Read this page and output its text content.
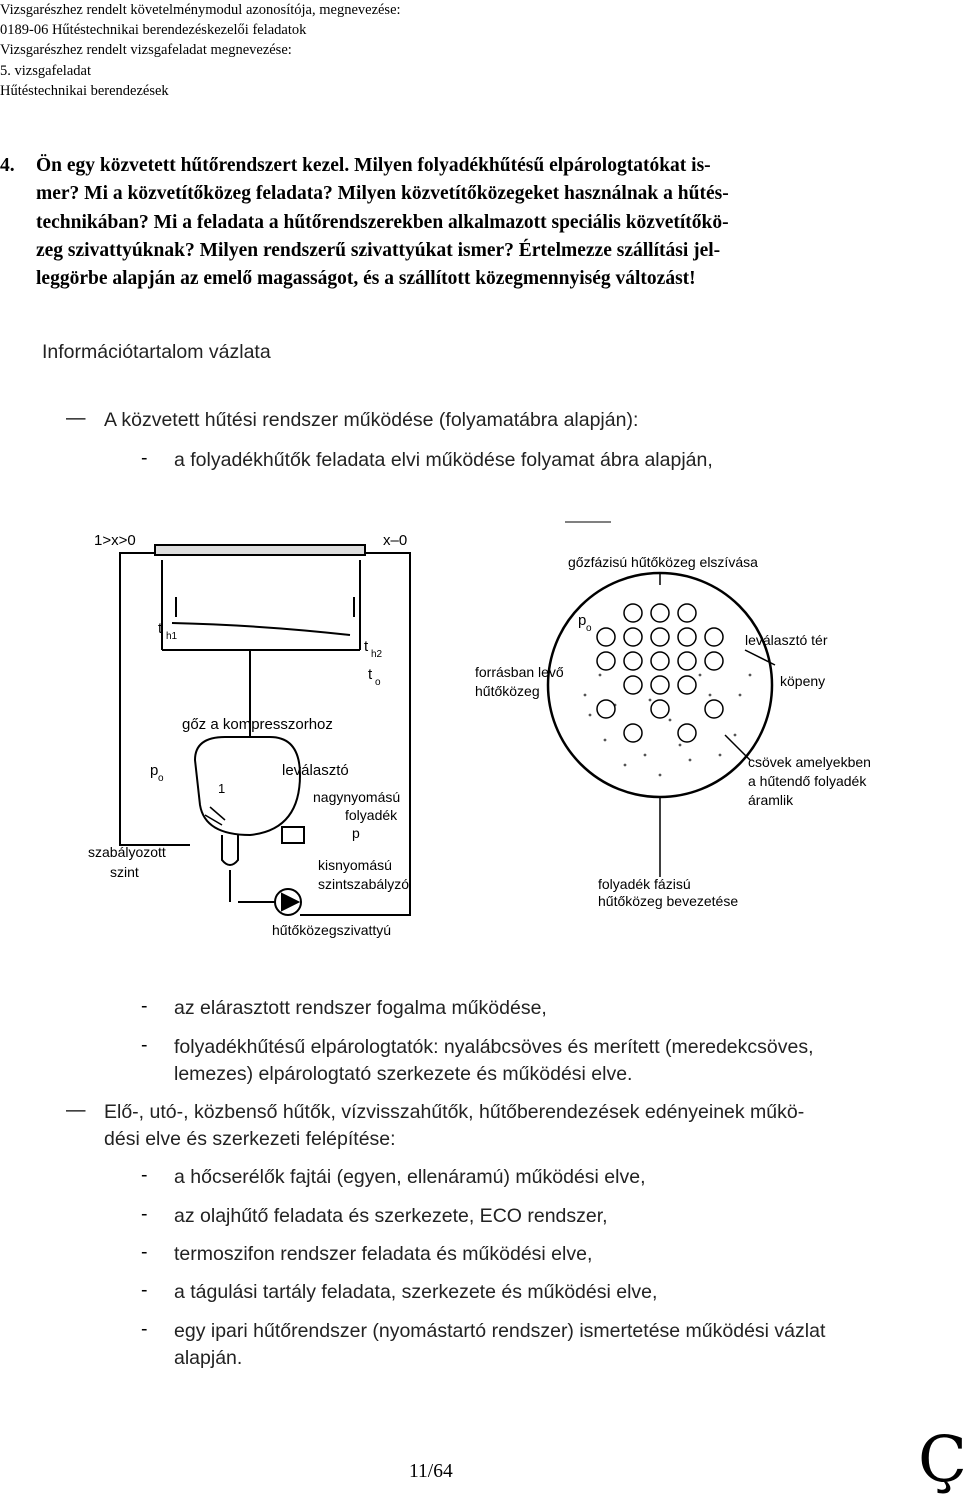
Vizsgarészhez rendelt követelménymodul azonosítója, megnevezése:
0189-06 Hűtéstechnikai berendezéskezelői feladatok
Vizsgarészhez rendelt vizsgafeladat megnevezése:
5. vizsgafeladat
Hűtéstechnikai berendezések
4. Ön egy közvetett hűtőrendszert kezel. Milyen folyadékhűtésű elpárologtatókat is-
mer? Mi a közvetítőközeg feladata? Milyen közvetítőközegeket használnak a hűtés-
technikában? Mi a feladata a hűtőrendszerekben alkalmazott speciális közvetítőkö-
zeg szivattyúknak? Milyen rendszerű szivattyúkat ismer? Értelmezze szállítási jel-
leggörbe alapján az emelő magasságot, és a szállított közegmennyiség változást!
Információtartalom vázlata
— A közvetett hűtési rendszer működése (folyamatábra alapján):
- a folyadékhűtők feladata elvi működése folyamat ábra alapján,
1>x>0	x–0
t h1
t h2
t o
gőz a kompresszorhoz
p o	leválasztó
1
nagynyomású
folyadék
p
szabályozott
szint	kisnyomású
szintszabályzó
hűtőközegszivattyú
gőzfázisú hűtőközeg elszívása
p o
leválasztó tér
forrásban levő
hűtőközeg
köpeny
csövek amelyekben
a hűtendő folyadék
áramlik
folyadék fázisú
hűtőközeg bevezetése
- az elárasztott rendszer fogalma működése,
- folyadékhűtésű elpárologtatók: nyalábcsöves és merített (meredekcsöves,
lemezes) elpárologtató szerkezete és működési elve.
— Elő-, utó-, közbenső hűtők, vízvisszahűtők, hűtőberendezések edényeinek műkö-
dési elve és szerkezeti felépítése:
- a hőcserélők fajtái (egyen, ellenáramú) működési elve,
- az olajhűtő feladata és szerkezete, ECO rendszer,
- termoszifon rendszer feladata és működési elve,
- a tágulási tartály feladata, szerkezete és működési elve,
- egy ipari hűtőrendszer (nyomástartó rendszer) ismertetése működési vázlat
alapján.
11/64	Ç
